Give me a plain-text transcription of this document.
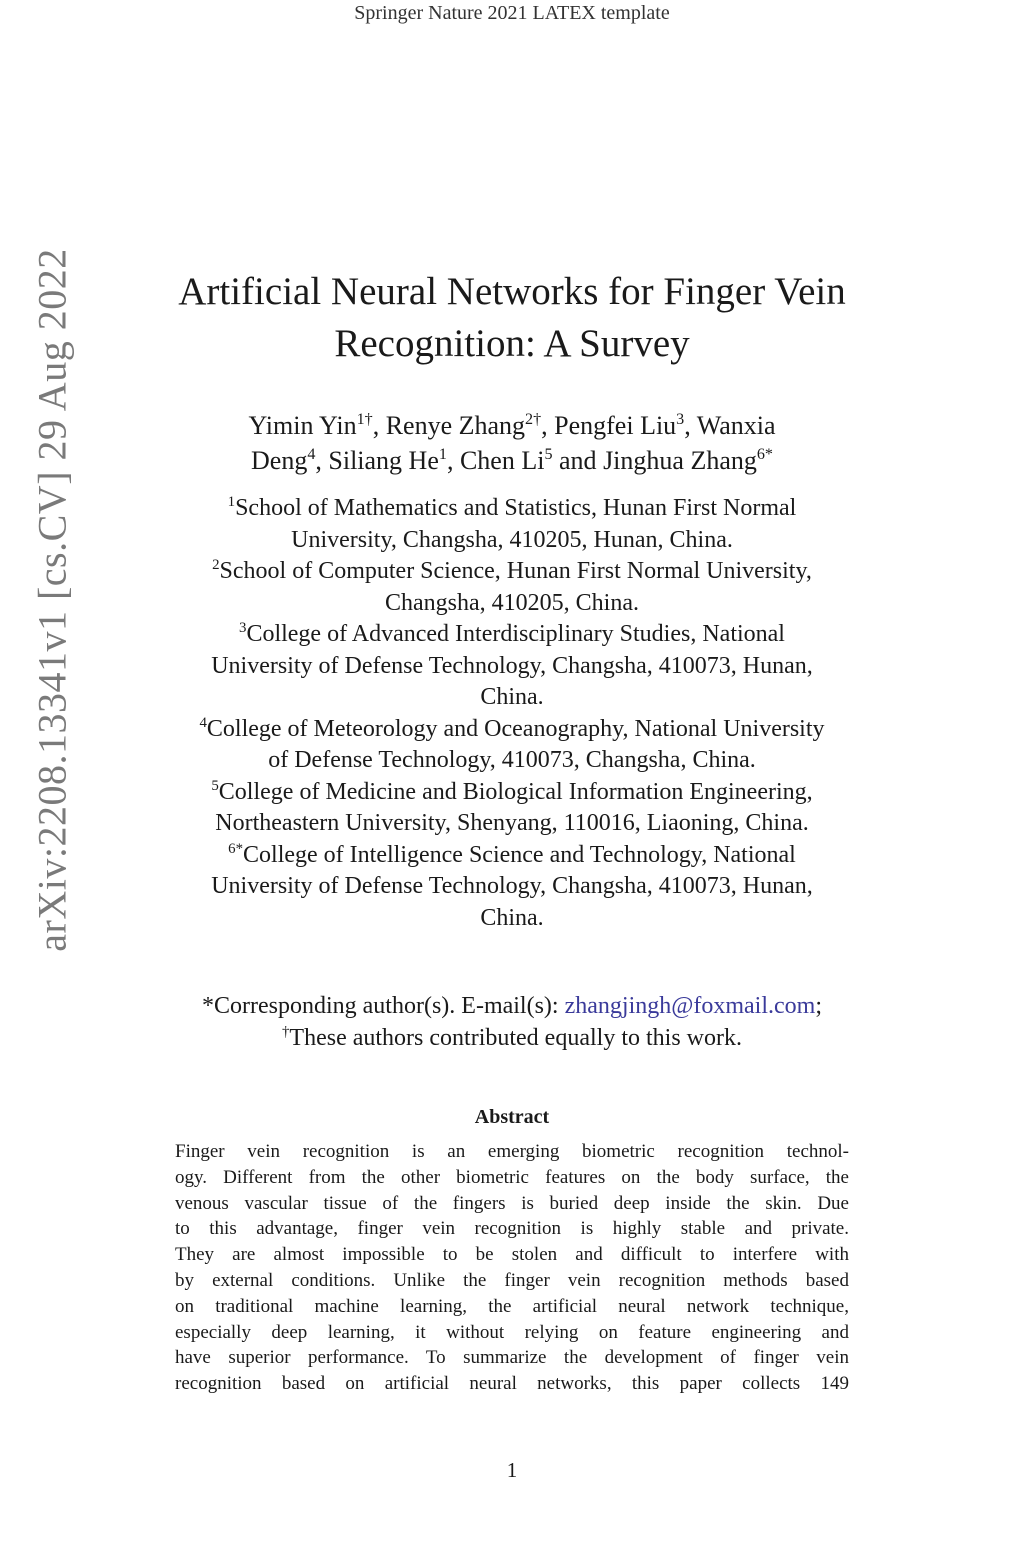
Springer Nature 2021 LATEX template
arXiv:2208.13341v1 [cs.CV] 29 Aug 2022	Artificial Neural Networks for Finger Vein
Recognition: A Survey
Yimin Yin$^{1\dagger}$, Renye Zhang$^{2\dagger}$, Pengfei Liu$^3$, Wanxia
Deng$^4$, Siliang He$^1$, Chen Li$^5$ and Jinghua Zhang$^{6*}$
$^1$School of Mathematics and Statistics, Hunan First Normal
University, Changsha, 410205, Hunan, China.
$^2$School of Computer Science, Hunan First Normal University,
Changsha, 410205, China.
$^3$College of Advanced Interdisciplinary Studies, National
University of Defense Technology, Changsha, 410073, Hunan,
China.
$^4$College of Meteorology and Oceanography, National University
of Defense Technology, 410073, Changsha, China.
$^5$College of Medicine and Biological Information Engineering,
Northeastern University, Shenyang, 110016, Liaoning, China.
$^{6*}$College of Intelligence Science and Technology, National
University of Defense Technology, Changsha, 410073, Hunan,
China.
*Corresponding author(s). E-mail(s): zhangjingh@foxmail.com;
†These authors contributed equally to this work.
Abstract
Finger vein recognition is an emerging biometric recognition technol-
ogy. Different from the other biometric features on the body surface, the
venous vascular tissue of the fingers is buried deep inside the skin. Due
to this advantage, finger vein recognition is highly stable and private.
They are almost impossible to be stolen and difficult to interfere with
by external conditions. Unlike the finger vein recognition methods based
on traditional machine learning, the artificial neural network technique,
especially deep learning, it without relying on feature engineering and
have superior performance. To summarize the development of finger vein
recognition based on artificial neural networks, this paper collects 149
1
